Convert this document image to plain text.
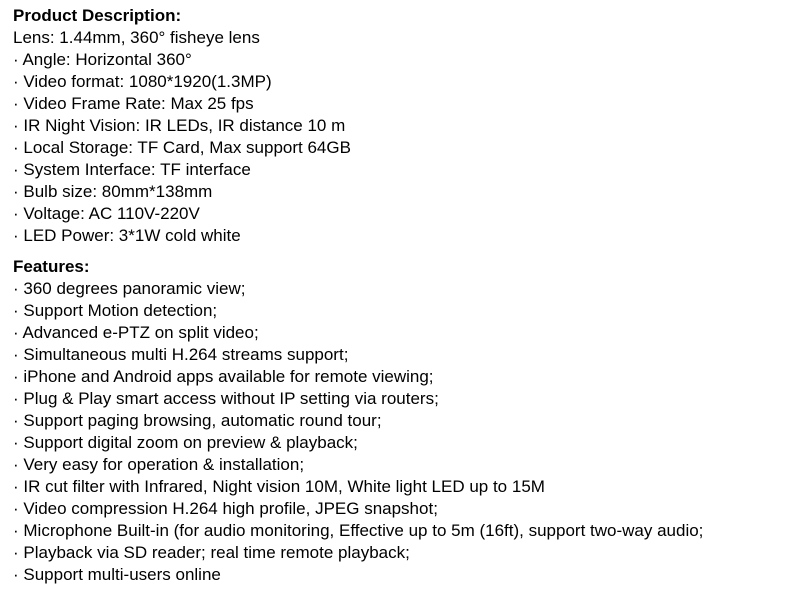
Product Description:
Lens: 1.44mm, 360° fisheye lens
· Angle: Horizontal 360°
· Video format: 1080*1920(1.3MP)
· Video Frame Rate: Max 25 fps
· IR Night Vision: IR LEDs, IR distance 10 m
· Local Storage: TF Card, Max support 64GB
· System Interface: TF interface
· Bulb size: 80mm*138mm
· Voltage: AC 110V-220V
· LED Power: 3*1W cold white
Features:
· 360 degrees panoramic view;
· Support Motion detection;
· Advanced e-PTZ on split video;
· Simultaneous multi H.264 streams support;
· iPhone and Android apps available for remote viewing;
· Plug & Play smart access without IP setting via routers;
· Support paging browsing, automatic round tour;
· Support digital zoom on preview & playback;
· Very easy for operation & installation;
· IR cut filter with Infrared, Night vision 10M, White light LED up to 15M
· Video compression H.264 high profile, JPEG snapshot;
· Microphone Built-in (for audio monitoring, Effective up to 5m (16ft), support two-way audio;
· Playback via SD reader; real time remote playback;
· Support multi-users online
